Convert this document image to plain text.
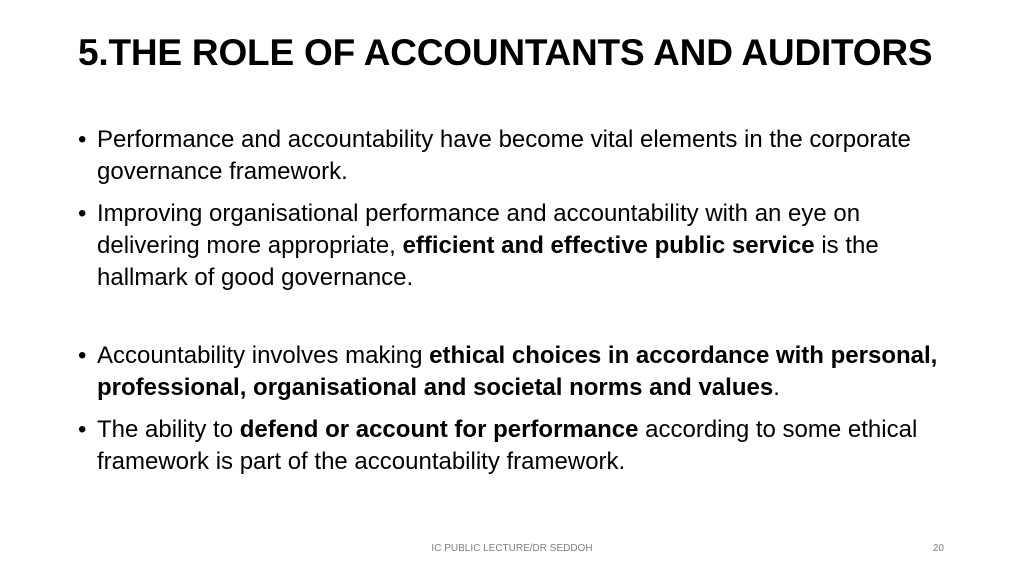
5.THE ROLE OF ACCOUNTANTS AND AUDITORS
• Performance and accountability have become vital elements in the corporate governance framework.
• Improving organisational performance and accountability with an eye on delivering more appropriate, efficient and effective public service is the hallmark of good governance.
• Accountability involves making ethical choices in accordance with personal, professional, organisational and societal norms and values.
• The ability to defend or account for performance according to some ethical framework is part of the accountability framework.
IC PUBLIC LECTURE/DR SEDDOH	20
